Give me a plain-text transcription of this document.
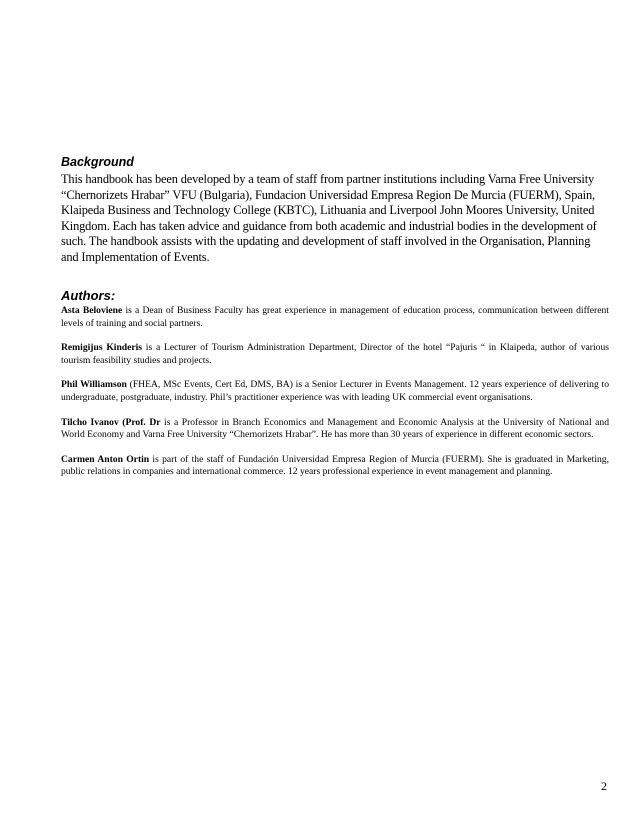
Background

This handbook has been developed by a team of staff from partner institutions including Varna Free University “Chernorizets Hrabar” VFU (Bulgaria), Fundacion Universidad Empresa Region De Murcia (FUERM), Spain, Klaipeda Business and Technology College (KBTC), Lithuania and Liverpool John Moores University, United Kingdom. Each has taken advice and guidance from both academic and industrial bodies in the development of such. The handbook assists with the updating and development of staff involved in the Organisation, Planning and Implementation of Events.

Authors:

Asta Beloviene is a Dean of Business Faculty has great experience in management of education process, communication between different levels of training and social partners.

Remigijus Kinderis is a Lecturer of Tourism Administration Department, Director of the hotel “Pajuris “ in Klaipeda, author of various tourism feasibility studies and projects.

Phil Williamson (FHEA, MSc Events, Cert Ed, DMS, BA) is a Senior Lecturer in Events Management. 12 years experience of delivering to undergraduate, postgraduate, industry. Phil’s practitioner experience was with leading UK commercial event organisations.

Tilcho Ivanov (Prof. Dr is a Professor in Branch Economics and Management and Economic Analysis at the University of National and World Economy and Varna Free University “Chernorizets Hrabar”. He has more than 30 years of experience in different economic sectors.

Carmen Anton Ortin is part of the staff of Fundación Universidad Empresa Region of Murcia (FUERM). She is graduated in Marketing, public relations in companies and international commerce. 12 years professional experience in event management and planning.

2
